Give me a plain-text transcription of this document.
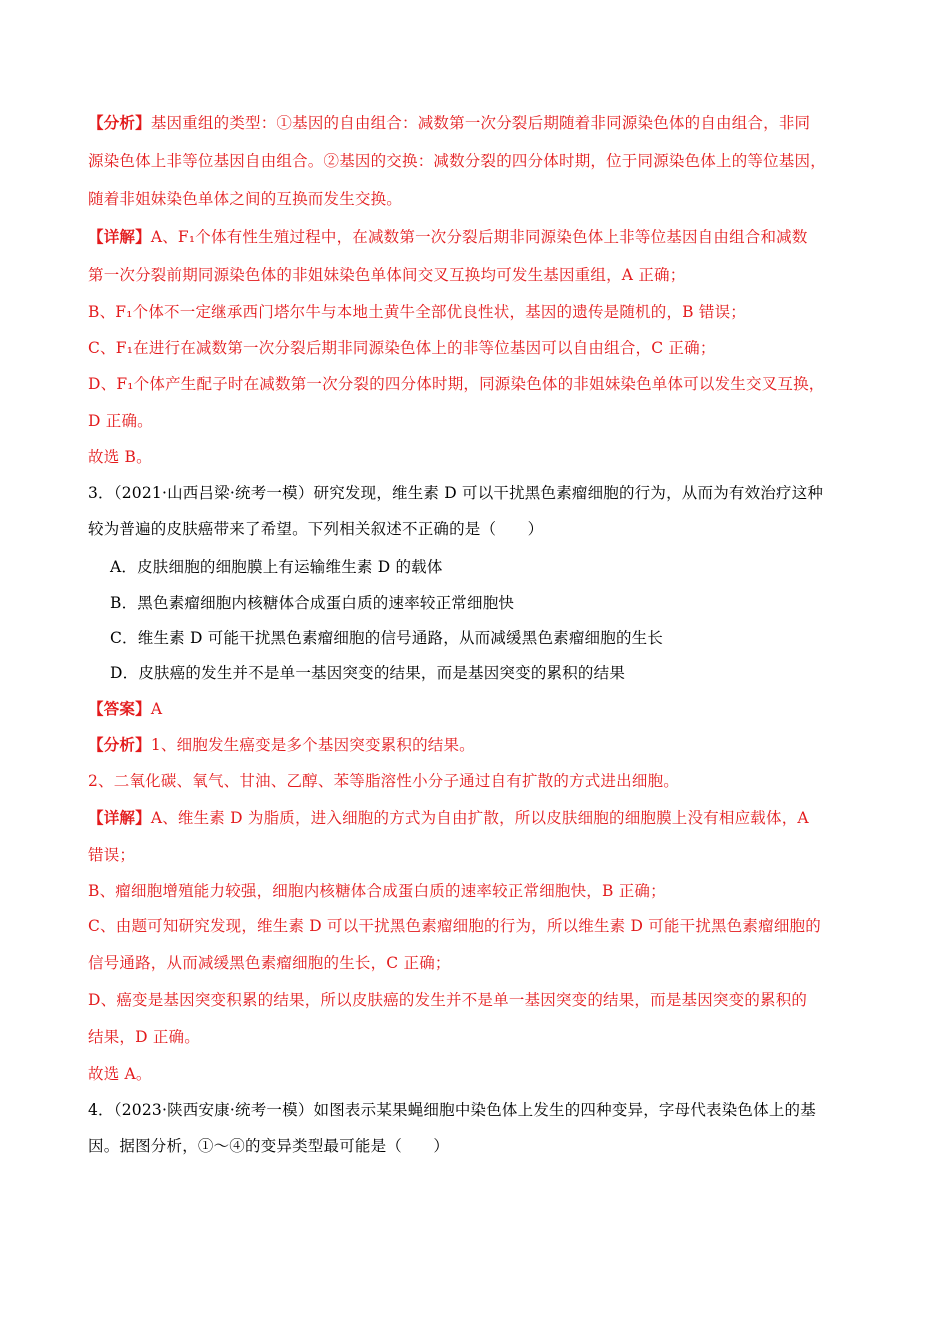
【分析】基因重组的类型：①基因的自由组合：减数第一次分裂后期随着非同源染色体的自由组合，非同
源染色体上非等位基因自由组合。②基因的交换：减数分裂的四分体时期，位于同源染色体上的等位基因，
随着非姐妹染色单体之间的互换而发生交换。
【详解】A、F₁个体有性生殖过程中，在减数第一次分裂后期非同源染色体上非等位基因自由组合和减数
第一次分裂前期同源染色体的非姐妹染色单体间交叉互换均可发生基因重组，A 正确；
B、F₁个体不一定继承西门塔尔牛与本地土黄牛全部优良性状，基因的遗传是随机的，B 错误；
C、F₁在进行在减数第一次分裂后期非同源染色体上的非等位基因可以自由组合，C 正确；
D、F₁个体产生配子时在减数第一次分裂的四分体时期，同源染色体的非姐妹染色单体可以发生交叉互换，
D 正确。
故选 B。
3．（2021·山西吕梁·统考一模）研究发现，维生素 D 可以干扰黑色素瘤细胞的行为，从而为有效治疗这种
较为普遍的皮肤癌带来了希望。下列相关叙述不正确的是（　　）
A．皮肤细胞的细胞膜上有运输维生素 D 的载体
B．黑色素瘤细胞内核糖体合成蛋白质的速率较正常细胞快
C．维生素 D 可能干扰黑色素瘤细胞的信号通路，从而减缓黑色素瘤细胞的生长
D．皮肤癌的发生并不是单一基因突变的结果，而是基因突变的累积的结果
【答案】A
【分析】1、细胞发生癌变是多个基因突变累积的结果。
2、二氧化碳、氧气、甘油、乙醇、苯等脂溶性小分子通过自有扩散的方式进出细胞。
【详解】A、维生素 D 为脂质，进入细胞的方式为自由扩散，所以皮肤细胞的细胞膜上没有相应载体，A
错误；
B、瘤细胞增殖能力较强，细胞内核糖体合成蛋白质的速率较正常细胞快，B 正确；
C、由题可知研究发现，维生素 D 可以干扰黑色素瘤细胞的行为，所以维生素 D 可能干扰黑色素瘤细胞的
信号通路，从而减缓黑色素瘤细胞的生长，C 正确；
D、癌变是基因突变积累的结果，所以皮肤癌的发生并不是单一基因突变的结果，而是基因突变的累积的
结果，D 正确。
故选 A。
4．（2023·陕西安康·统考一模）如图表示某果蝇细胞中染色体上发生的四种变异，字母代表染色体上的基
因。据图分析，①～④的变异类型最可能是（　　）
